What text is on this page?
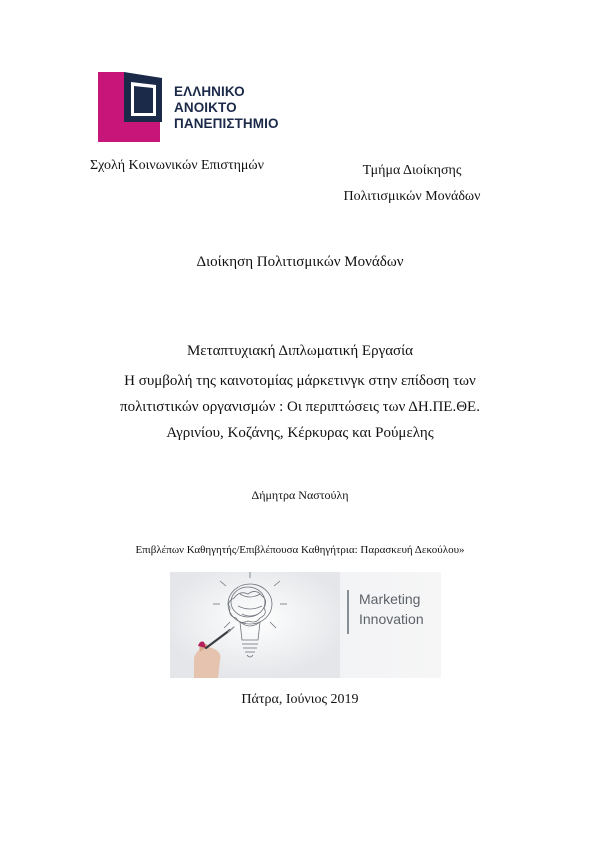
ΕΛΛΗΝΙΚΟ
ΑΝΟΙΚΤΟ
ΠΑΝΕΠΙΣΤΗΜΙΟ
Σχολή Κοινωνικών Επιστημών	Τμήμα Διοίκησης
Πολιτισμικών Μονάδων
Διοίκηση Πολιτισμικών Μονάδων
Μεταπτυχιακή Διπλωματική Εργασία
Η συμβολή της καινοτομίας μάρκετινγκ στην επίδοση των
πολιτιστικών οργανισμών : Οι περιπτώσεις των ΔΗ.ΠΕ.ΘΕ.
Αγρινίου, Κοζάνης, Κέρκυρας και Ρούμελης
Δήμητρα Ναστούλη
Επιβλέπων Καθηγητής/Επιβλέπουσα Καθηγήτρια: Παρασκευή Δεκούλου»
Marketing
Innovation
Πάτρα, Ιούνιος 2019
